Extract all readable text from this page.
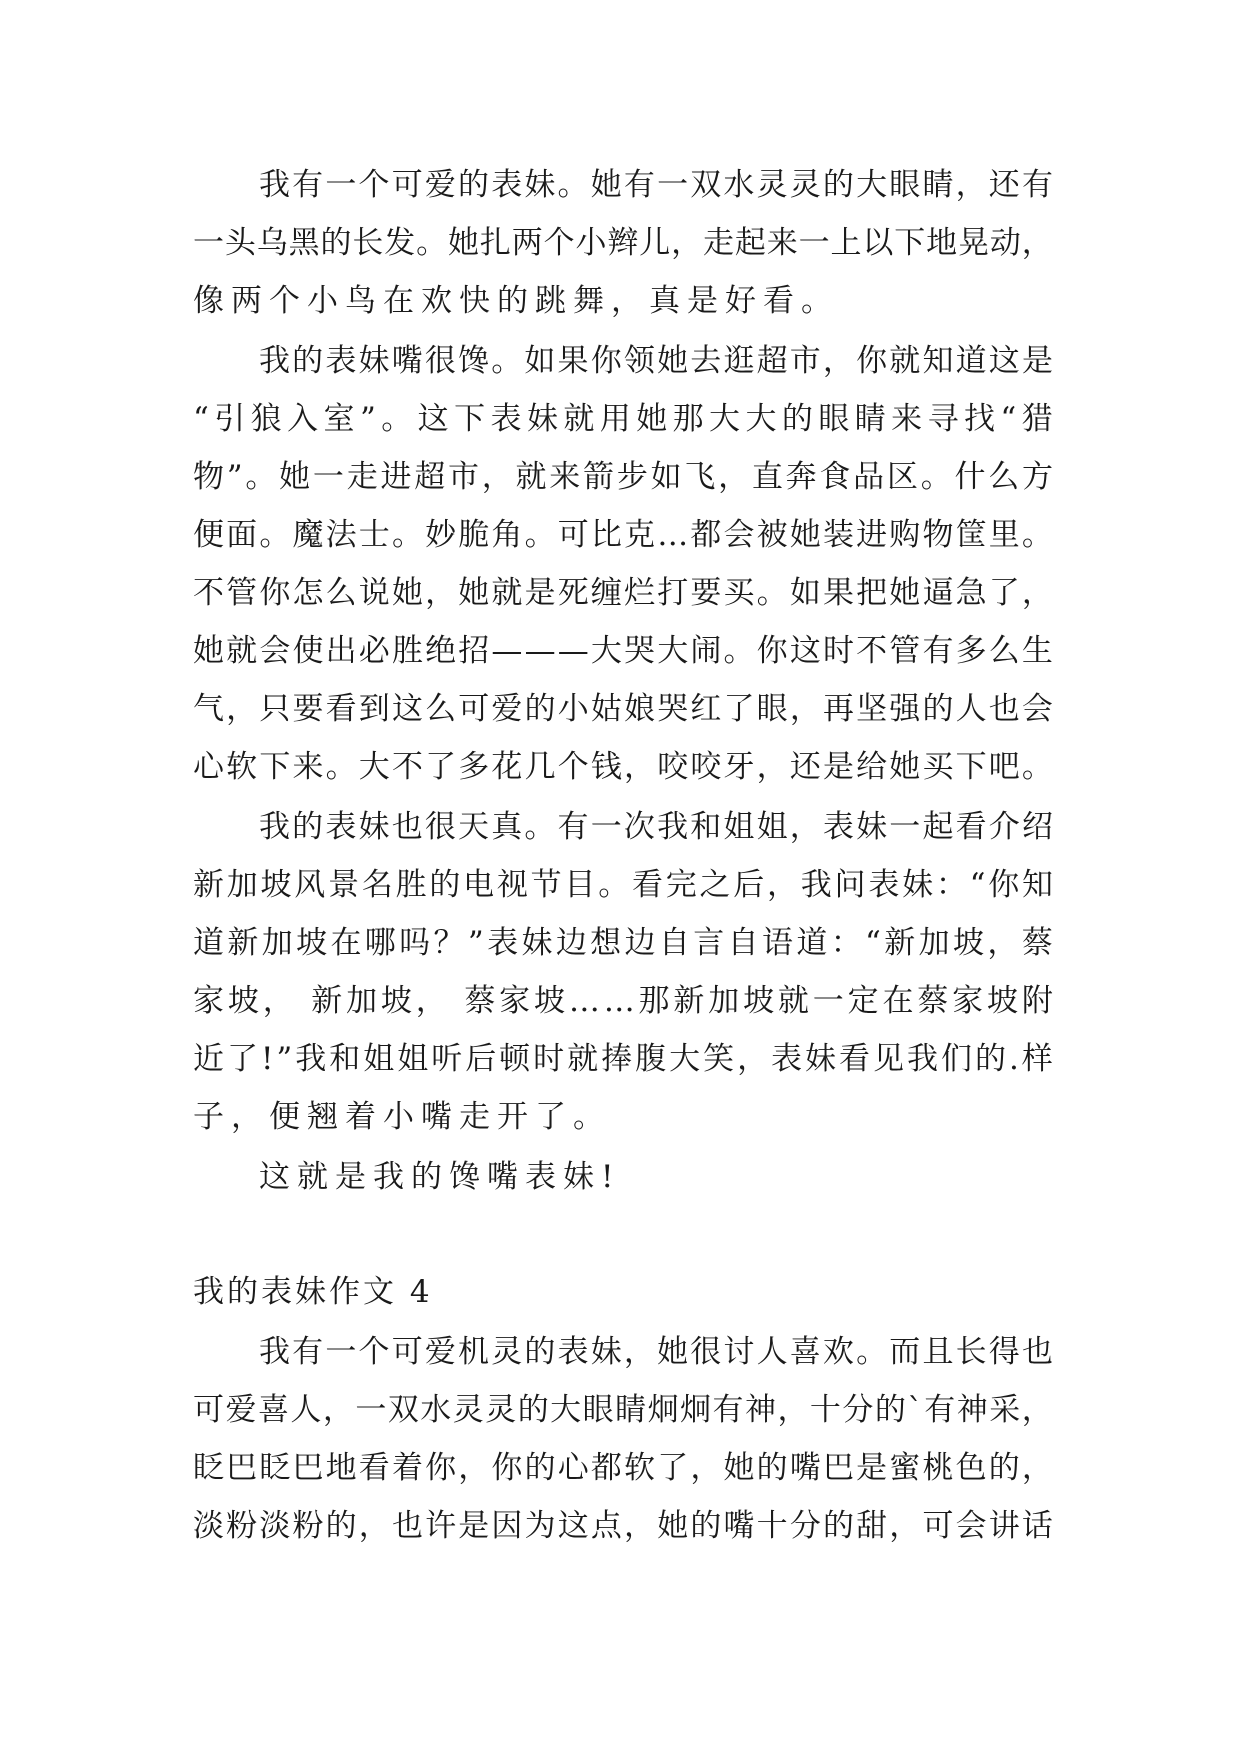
我 有 一 个 可 爱 的 表 妹 。 她 有 一 双 水 灵 灵 的 大 眼 睛 ， 还 有
一 头 乌 黑 的 长 发 。 她 扎 两 个 小 辫 儿 ， 走 起 来 一 上 以 下 地 晃 动 ，
像两个小鸟在欢快的跳舞，真是好看。
我 的 表 妹 嘴 很 馋 。 如 果 你 领 她 去 逛 超 市 ， 你 就 知 道 这 是
“ 引 狼 入 室 ” 。 这 下 表 妹 就 用 她 那 大 大 的 眼 睛 来 寻 找 “ 猎
物 ” 。 她 一 走 进 超 市 ， 就 来 箭 步 如 飞 ， 直 奔 食 品 区 。 什 么 方
便 面 。 魔 法 士 。 妙 脆 角 。 可 比 克 … 都 会 被 她 装 进 购 物 筐 里 。
不 管 你 怎 么 说 她 ， 她 就 是 死 缠 烂 打 要 买 。 如 果 把 她 逼 急 了 ，
她 就 会 使 出 必 胜 绝 招 — — — 大 哭 大 闹 。 你 这 时 不 管 有 多 么 生
气 ， 只 要 看 到 这 么 可 爱 的 小 姑 娘 哭 红 了 眼 ， 再 坚 强 的 人 也 会
心 软 下 来 。 大 不 了 多 花 几 个 钱 ， 咬 咬 牙 ， 还 是 给 她 买 下 吧 。
我 的 表 妹 也 很 天 真 。 有 一 次 我 和 姐 姐 ， 表 妹 一 起 看 介 绍
新 加 坡 风 景 名 胜 的 电 视 节 目 。 看 完 之 后 ， 我 问 表 妹 ： “ 你 知
道 新 加 坡 在 哪 吗 ？ ” 表 妹 边 想 边 自 言 自 语 道 ： “ 新 加 坡 ， 蔡
家 坡 ，
新 加 坡 ，
蔡 家 坡 … … 那 新 加 坡 就 一 定 在 蔡 家 坡 附
近 了 ! ” 我 和 姐 姐 听 后 顿 时 就 捧 腹 大 笑 ， 表 妹 看 见 我 们 的 . 样
子，便翘着小嘴走开了。
这就是我的馋嘴表妹!
我的表妹作文 4
我 有 一 个 可 爱 机 灵 的 表 妹 ， 她 很 讨 人 喜 欢 。 而 且 长 得 也
可 爱 喜 人 ， 一 双 水 灵 灵 的 大 眼 睛 炯 炯 有 神 ， 十 分 的 ` 有 神 采 ，
眨 巴 眨 巴 地 看 着 你 ， 你 的 心 都 软 了 ， 她 的 嘴 巴 是 蜜 桃 色 的 ，
淡 粉 淡 粉 的 ， 也 许 是 因 为 这 点 ， 她 的 嘴 十 分 的 甜 ， 可 会 讲 话
